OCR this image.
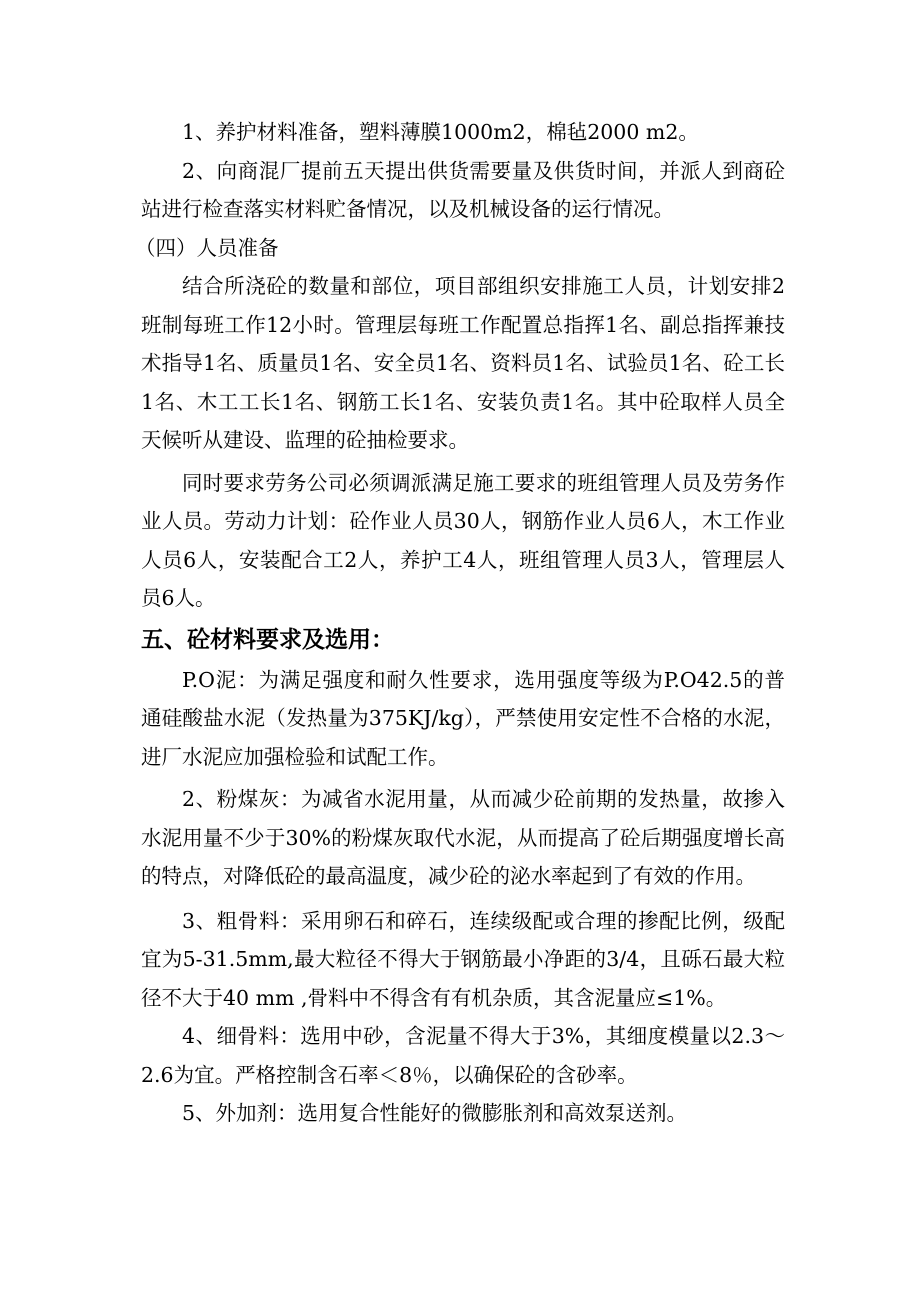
1、养护材料准备，塑料薄膜1000m2，棉毡2000 m2。

2、向商混厂提前五天提出供货需要量及供货时间，并派人到商砼站进行检查落实材料贮备情况，以及机械设备的运行情况。

（四）人员准备

结合所浇砼的数量和部位，项目部组织安排施工人员，计划安排2班制每班工作12小时。管理层每班工作配置总指挥1名、副总指挥兼技术指导1名、质量员1名、安全员1名、资料员1名、试验员1名、砼工长1名、木工工长1名、钢筋工长1名、安装负责1名。其中砼取样人员全天候听从建设、监理的砼抽检要求。

同时要求劳务公司必须调派满足施工要求的班组管理人员及劳务作业人员。劳动力计划：砼作业人员30人，钢筋作业人员6人，木工作业人员6人，安装配合工2人，养护工4人，班组管理人员3人，管理层人员6人。

五、砼材料要求及选用：

P.O泥：为满足强度和耐久性要求，选用强度等级为P.O42.5的普通硅酸盐水泥（发热量为375KJ/kg），严禁使用安定性不合格的水泥，进厂水泥应加强检验和试配工作。

2、粉煤灰：为减省水泥用量，从而减少砼前期的发热量，故掺入水泥用量不少于30%的粉煤灰取代水泥，从而提高了砼后期强度增长高的特点，对降低砼的最高温度，减少砼的泌水率起到了有效的作用。

3、粗骨料：采用卵石和碎石，连续级配或合理的掺配比例，级配宜为5-31.5mm,最大粒径不得大于钢筋最小净距的3/4，且砾石最大粒径不大于40 mm ,骨料中不得含有有机杂质，其含泥量应≤1%。

4、细骨料：选用中砂，含泥量不得大于3%，其细度模量以2.3～2.6为宜。严格控制含石率＜8％，以确保砼的含砂率。

5、外加剂：选用复合性能好的微膨胀剂和高效泵送剂。
